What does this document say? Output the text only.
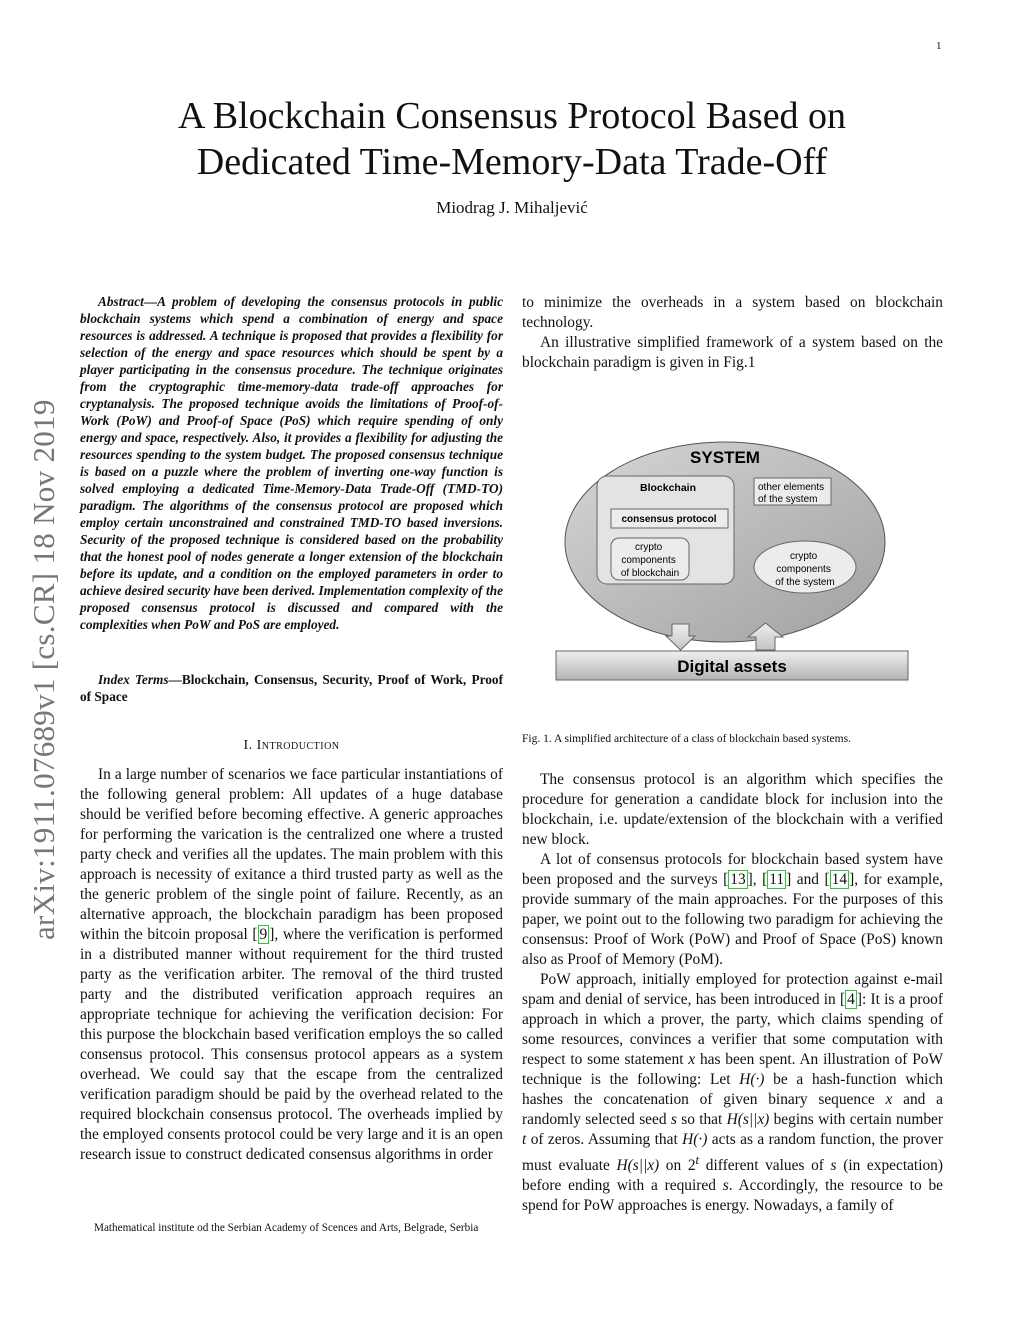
1
arXiv:1911.07689v1 [cs.CR] 18 Nov 2019
A Blockchain Consensus Protocol Based on
Dedicated Time-Memory-Data Trade-Off
Miodrag J. Mihaljević

Abstract—A problem of developing the consensus protocols in public blockchain systems which spend a combination of energy and space resources is addressed. A technique is proposed that provides a flexibility for selection of the energy and space resources which should be spent by a player participating in the consensus procedure. The technique originates from the cryptographic time-memory-data trade-off approaches for cryptanalysis. The proposed technique avoids the limitations of Proof-of-Work (PoW) and Proof-of Space (PoS) which require spending of only energy and space, respectively. Also, it provides a flexibility for adjusting the resources spending to the system budget. The proposed consensus technique is based on a puzzle where the problem of inverting one-way function is solved employing a dedicated Time-Memory-Data Trade-Off (TMD-TO) paradigm. The algorithms of the consensus protocol are proposed which employ certain unconstrained and constrained TMD-TO based inversions. Security of the proposed technique is considered based on the probability that the honest pool of nodes generate a longer extension of the blockchain before its update, and a condition on the employed parameters in order to achieve desired security have been derived. Implementation complexity of the proposed consensus protocol is discussed and compared with the complexities when PoW and PoS are employed.

Index Terms—Blockchain, Consensus, Security, Proof of Work, Proof of Space

I. Introduction

In a large number of scenarios we face particular instantiations of the following general problem: All updates of a huge database should be verified before becoming effective. A generic approaches for performing the varication is the centralized one where a trusted party check and verifies all the updates. The main problem with this approach is necessity of exitance a third trusted party as well as the the generic problem of the single point of failure. Recently, as an alternative approach, the blockchain paradigm has been proposed within the bitcoin proposal [ 9 ], where the verification is performed in a distributed manner without requirement for the third trusted party as the verification arbiter. The removal of the third trusted party and the distributed verification approach requires an appropriate technique for achieving the verification decision: For this purpose the blockchain based verification employs the so called consensus protocol. This consensus protocol appears as a system overhead. We could say that the escape from the centralized verification paradigm should be paid by the overhead related to the required blockchain consensus protocol. The overheads implied by the employed consents protocol could be very large and it is an open research issue to construct dedicated consensus algorithms in order

Mathematical institute od the Serbian Academy of Scences and Arts, Belgrade, Serbia

to minimize the overheads in a system based on blockchain technology.

An illustrative simplified framework of a system based on the blockchain paradigm is given in Fig.1

SYSTEM
Blockchain
consensus protocol
crypto components of blockchain
other elements of the system
crypto components of the system
Digital assets
Fig. 1. A simplified architecture of a class of blockchain based systems.

The consensus protocol is an algorithm which specifies the procedure for generation a candidate block for inclusion into the blockchain, i.e. update/extension of the blockchain with a verified new block.

A lot of consensus protocols for blockchain based system have been proposed and the surveys [ 13 ], [ 11 ] and [ 14 ], for example, provide summary of the main approaches. For the purposes of this paper, we point out to the following two paradigm for achieving the consensus: Proof of Work (PoW) and Proof of Space (PoS) known also as Proof of Memory (PoM).

PoW approach, initially employed for protection against e-mail spam and denial of service, has been introduced in [ 4 ]: It is a proof approach in which a prover, the party, which claims spending of some resources, convinces a verifier that some computation with respect to some statement x has been spent. An illustration of PoW technique is the following: Let H(·) be a hash-function which hashes the concatenation of given binary sequence x and a randomly selected seed s so that H(s||x) begins with certain number t of zeros. Assuming that H(·) acts as a random function, the prover must evaluate H(s||x) on 2$^t$ different values of s (in expectation) before ending with a required s. Accordingly, the resource to be spend for PoW approaches is energy. Nowadays, a family of
